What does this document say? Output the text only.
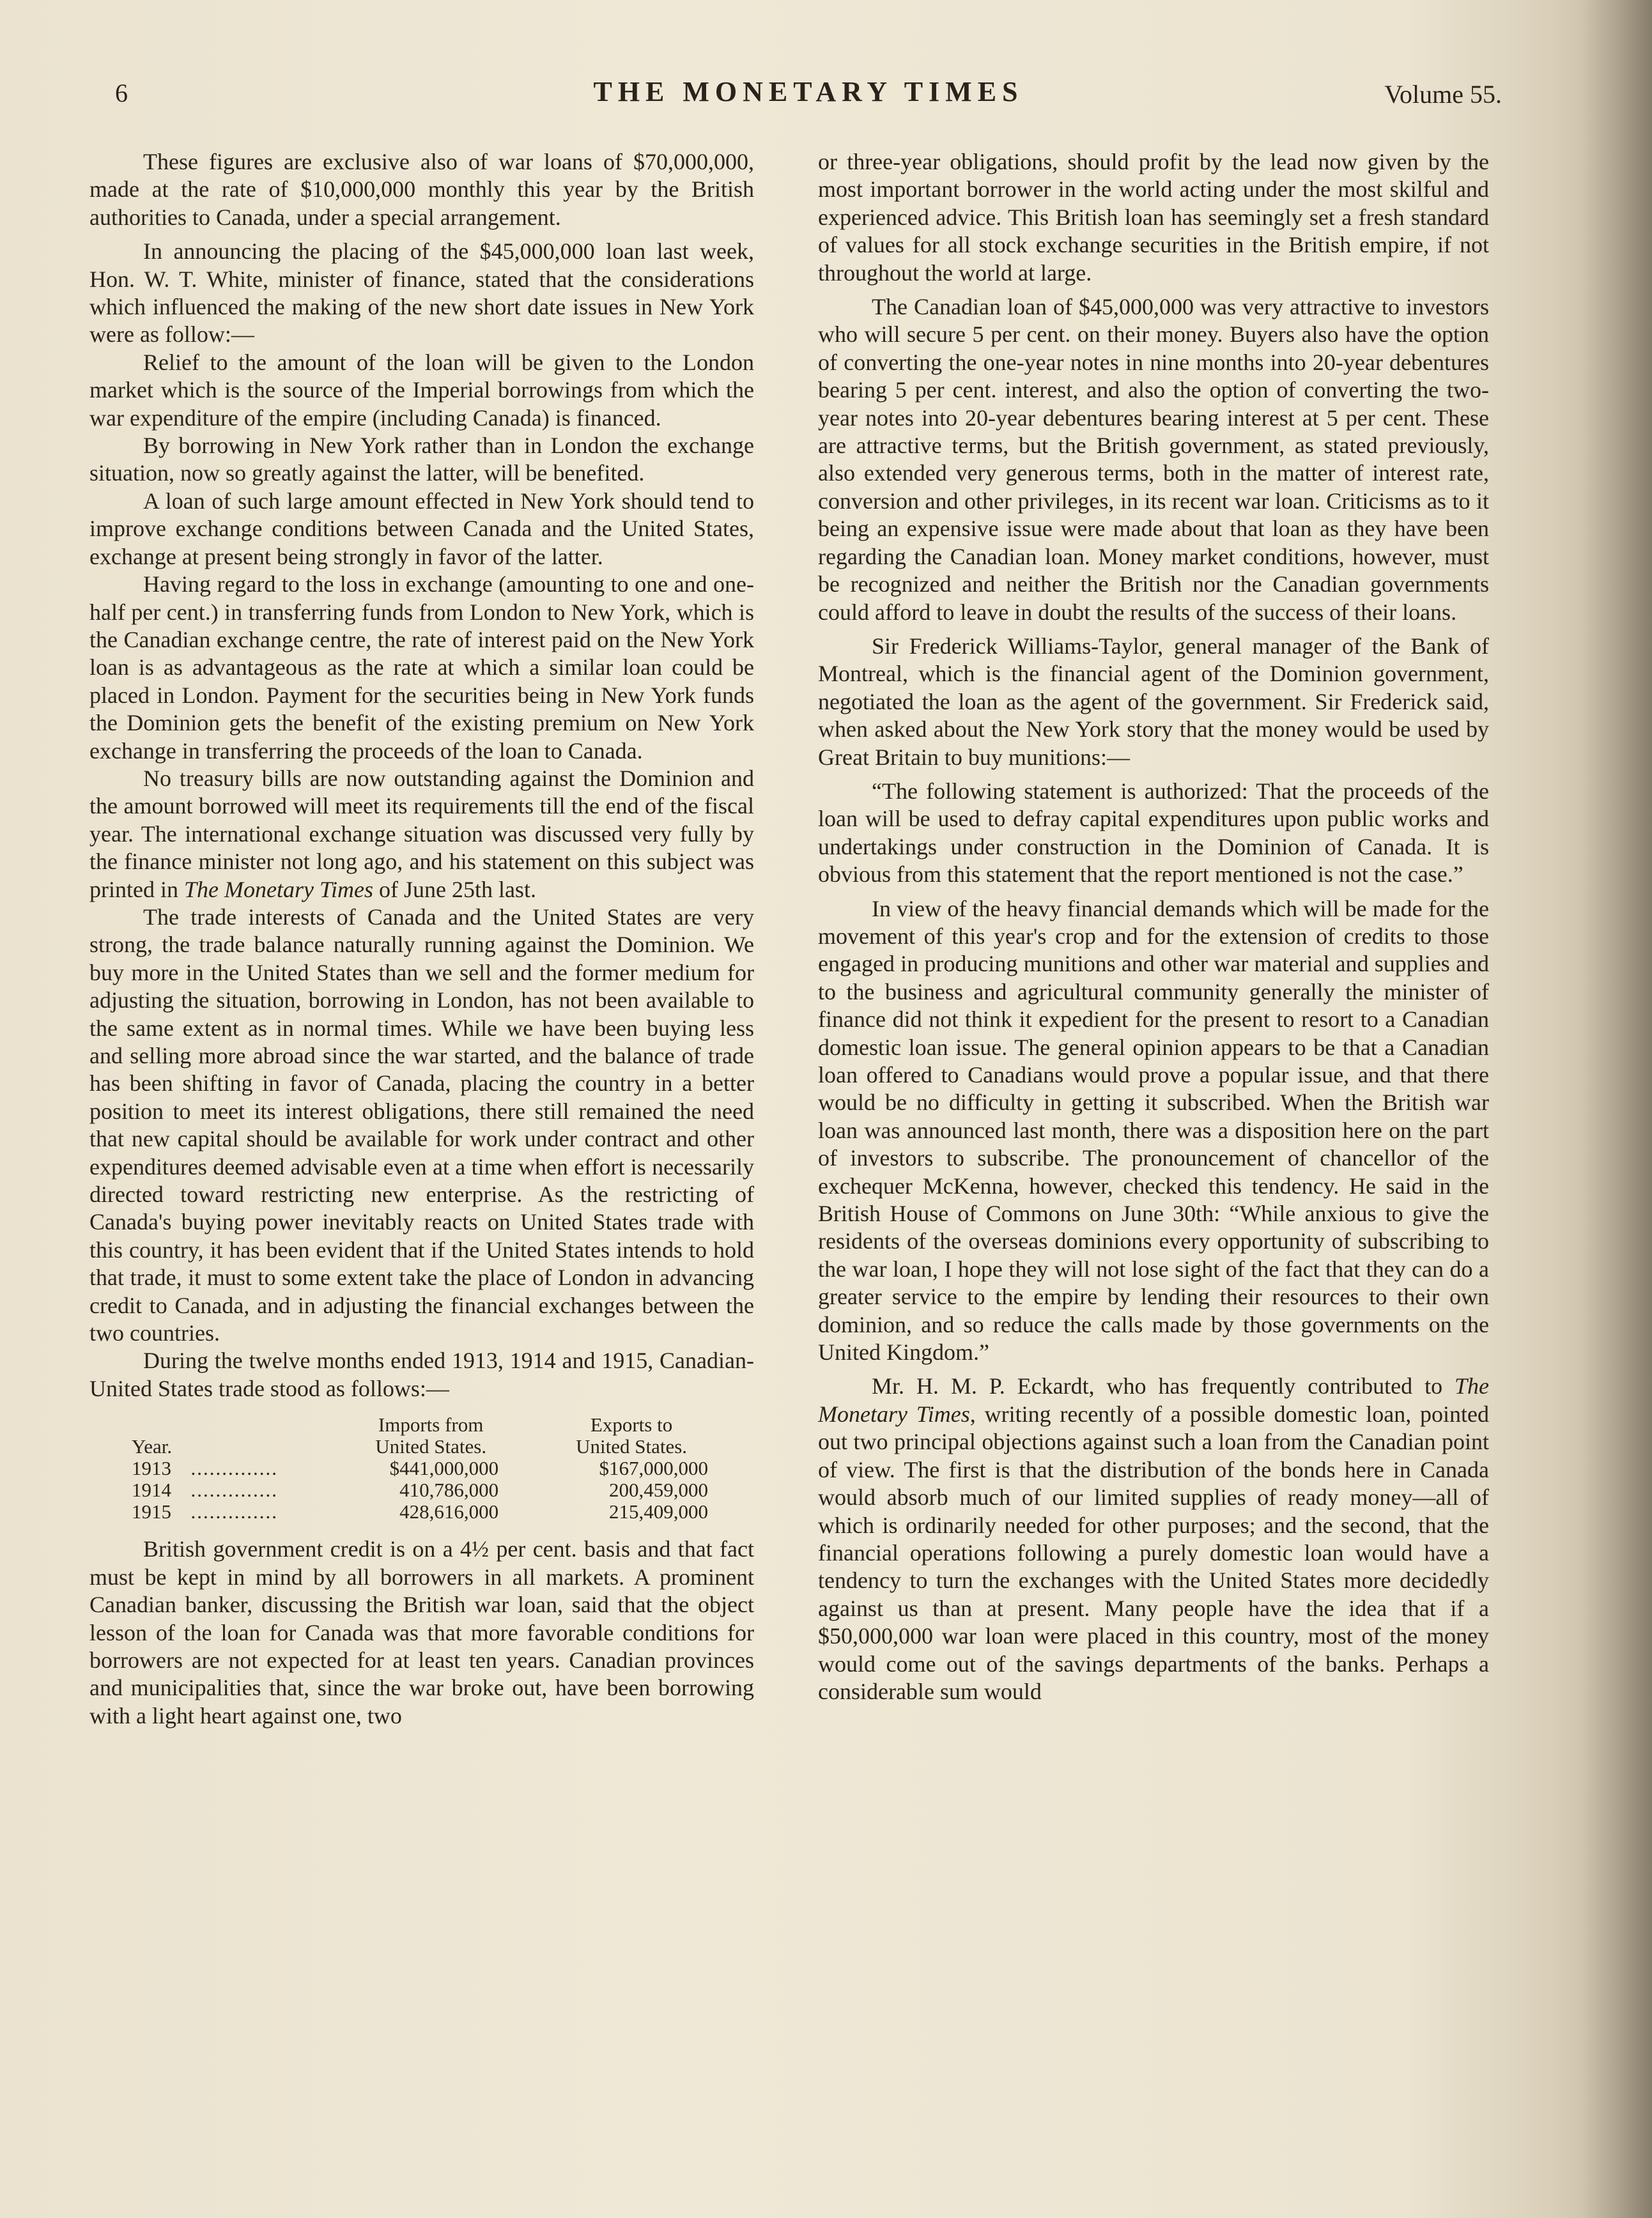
6	THE MONETARY TIMES	Volume 55.

These figures are exclusive also of war loans of $70,000,000, made at the rate of $10,000,000 monthly this year by the British authorities to Canada, under a special arrangement.

In announcing the placing of the $45,000,000 loan last week, Hon. W. T. White, minister of finance, stated that the considerations which influenced the making of the new short date issues in New York were as follow:—

Relief to the amount of the loan will be given to the London market which is the source of the Imperial borrowings from which the war expenditure of the empire (including Canada) is financed.

By borrowing in New York rather than in London the exchange situation, now so greatly against the latter, will be benefited.

A loan of such large amount effected in New York should tend to improve exchange conditions between Canada and the United States, exchange at present being strongly in favor of the latter.

Having regard to the loss in exchange (amounting to one and one-half per cent.) in transferring funds from London to New York, which is the Canadian exchange centre, the rate of interest paid on the New York loan is as advantageous as the rate at which a similar loan could be placed in London. Payment for the securities being in New York funds the Dominion gets the benefit of the existing premium on New York exchange in transferring the proceeds of the loan to Canada.

No treasury bills are now outstanding against the Dominion and the amount borrowed will meet its requirements till the end of the fiscal year. The international exchange situation was discussed very fully by the finance minister not long ago, and his statement on this subject was printed in The Monetary Times of June 25th last.

The trade interests of Canada and the United States are very strong, the trade balance naturally running against the Dominion. We buy more in the United States than we sell and the former medium for adjusting the situation, borrowing in London, has not been available to the same extent as in normal times. While we have been buying less and selling more abroad since the war started, and the balance of trade has been shifting in favor of Canada, placing the country in a better position to meet its interest obligations, there still remained the need that new capital should be available for work under contract and other expenditures deemed advisable even at a time when effort is necessarily directed toward restricting new enterprise. As the restricting of Canada's buying power inevitably reacts on United States trade with this country, it has been evident that if the United States intends to hold that trade, it must to some extent take the place of London in advancing credit to Canada, and in adjusting the financial exchanges between the two countries.

During the twelve months ended 1913, 1914 and 1915, Canadian-United States trade stood as follows:—

Year.		Imports from	Exports to
		United States.	United States.
1913	..............	$441,000,000	$167,000,000
1914	..............	410,786,000	200,459,000
1915	..............	428,616,000	215,409,000

British government credit is on a 4½ per cent. basis and that fact must be kept in mind by all borrowers in all markets. A prominent Canadian banker, discussing the British war loan, said that the object lesson of the loan for Canada was that more favorable conditions for borrowers are not expected for at least ten years. Canadian provinces and municipalities that, since the war broke out, have been borrowing with a light heart against one, two

or three-year obligations, should profit by the lead now given by the most important borrower in the world acting under the most skilful and experienced advice. This British loan has seemingly set a fresh standard of values for all stock exchange securities in the British empire, if not throughout the world at large.

The Canadian loan of $45,000,000 was very attractive to investors who will secure 5 per cent. on their money. Buyers also have the option of converting the one-year notes in nine months into 20-year debentures bearing 5 per cent. interest, and also the option of converting the two-year notes into 20-year debentures bearing interest at 5 per cent. These are attractive terms, but the British government, as stated previously, also extended very generous terms, both in the matter of interest rate, conversion and other privileges, in its recent war loan. Criticisms as to it being an expensive issue were made about that loan as they have been regarding the Canadian loan. Money market conditions, however, must be recognized and neither the British nor the Canadian governments could afford to leave in doubt the results of the success of their loans.

Sir Frederick Williams-Taylor, general manager of the Bank of Montreal, which is the financial agent of the Dominion government, negotiated the loan as the agent of the government. Sir Frederick said, when asked about the New York story that the money would be used by Great Britain to buy munitions:—

“The following statement is authorized: That the proceeds of the loan will be used to defray capital expenditures upon public works and undertakings under construction in the Dominion of Canada. It is obvious from this statement that the report mentioned is not the case.”

In view of the heavy financial demands which will be made for the movement of this year's crop and for the extension of credits to those engaged in producing munitions and other war material and supplies and to the business and agricultural community generally the minister of finance did not think it expedient for the present to resort to a Canadian domestic loan issue. The general opinion appears to be that a Canadian loan offered to Canadians would prove a popular issue, and that there would be no difficulty in getting it subscribed. When the British war loan was announced last month, there was a disposition here on the part of investors to subscribe. The pronouncement of chancellor of the exchequer McKenna, however, checked this tendency. He said in the British House of Commons on June 30th: “While anxious to give the residents of the overseas dominions every opportunity of subscribing to the war loan, I hope they will not lose sight of the fact that they can do a greater service to the empire by lending their resources to their own dominion, and so reduce the calls made by those governments on the United Kingdom.”

Mr. H. M. P. Eckardt, who has frequently contributed to The Monetary Times, writing recently of a possible domestic loan, pointed out two principal objections against such a loan from the Canadian point of view. The first is that the distribution of the bonds here in Canada would absorb much of our limited supplies of ready money—all of which is ordinarily needed for other purposes; and the second, that the financial operations following a purely domestic loan would have a tendency to turn the exchanges with the United States more decidedly against us than at present. Many people have the idea that if a $50,000,000 war loan were placed in this country, most of the money would come out of the savings departments of the banks. Perhaps a considerable sum would
